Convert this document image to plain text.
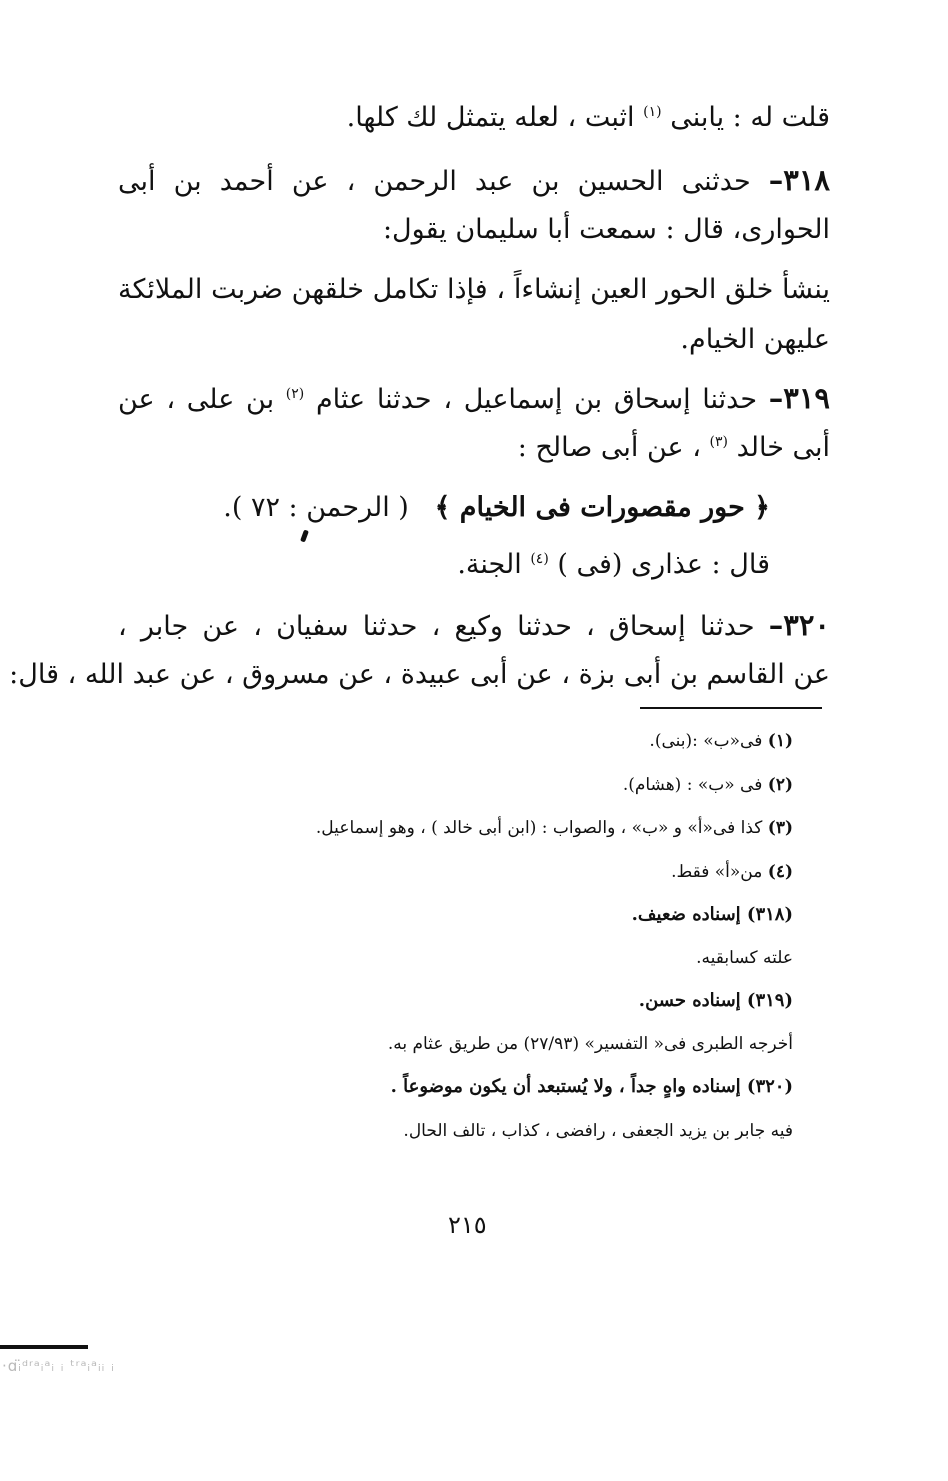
قلت له : يابنى $^{(١)}$ اثبت ، لعله يتمثل لك كلها.
٣١٨– حدثنى الحسين بن عبد الرحمن ، عن أحمد بن أبى
الحوارى، قال : سمعت أبا سليمان يقول:
ينشأ خلق الحور العين إنشاءاً ، فإذا تكامل خلقهن ضربت الملائكة
عليهن الخيام.
٣١٩– حدثنا إسحاق بن إسماعيل ، حدثنا عثام $^{(٢)}$ بن على ، عن
أبى خالد $^{(٣)}$ ، عن أبى صالح :
﴿ حور مقصورات فى الخيام ﴾   ( الرحمن : ٧٢ ).
قال : عذارى (فى ) $^{(٤)}$ الجنة.
٣٢٠– حدثنا إسحاق ، حدثنا وكيع ، حدثنا سفيان ، عن جابر ،
عن القاسم بن أبى بزة ، عن أبى عبيدة ، عن مسروق ، عن عبد الله ، قال:
(١) فى«ب» :(بنى).
(٢) فى «ب» : (هشام).
(٣) كذا فى«أ» و «ب» ، والصواب : (ابن أبى خالد ) ، وهو إسماعيل.
(٤) من«أ» فقط.
(٣١٨) إسناده ضعيف.
علته كسابقيه.
(٣١٩) إسناده حسن.
أخرجه الطبرى فى« التفسير» (٢٧/٩٣) من طريق عثام به.
(٣٢٠) إسناده واهٍ جداً ، ولا يُستبعد أن يكون موضوعاً .
فيه جابر بن يزيد الجعفى ، رافضى ، كذاب ، تالف الحال.
٢١٥
·ɑᵢ̈ᵈʳᵃᵢᵃᵢ ᵢ ᵗʳᵃᵢᵃᵢᵢ ᵢ
